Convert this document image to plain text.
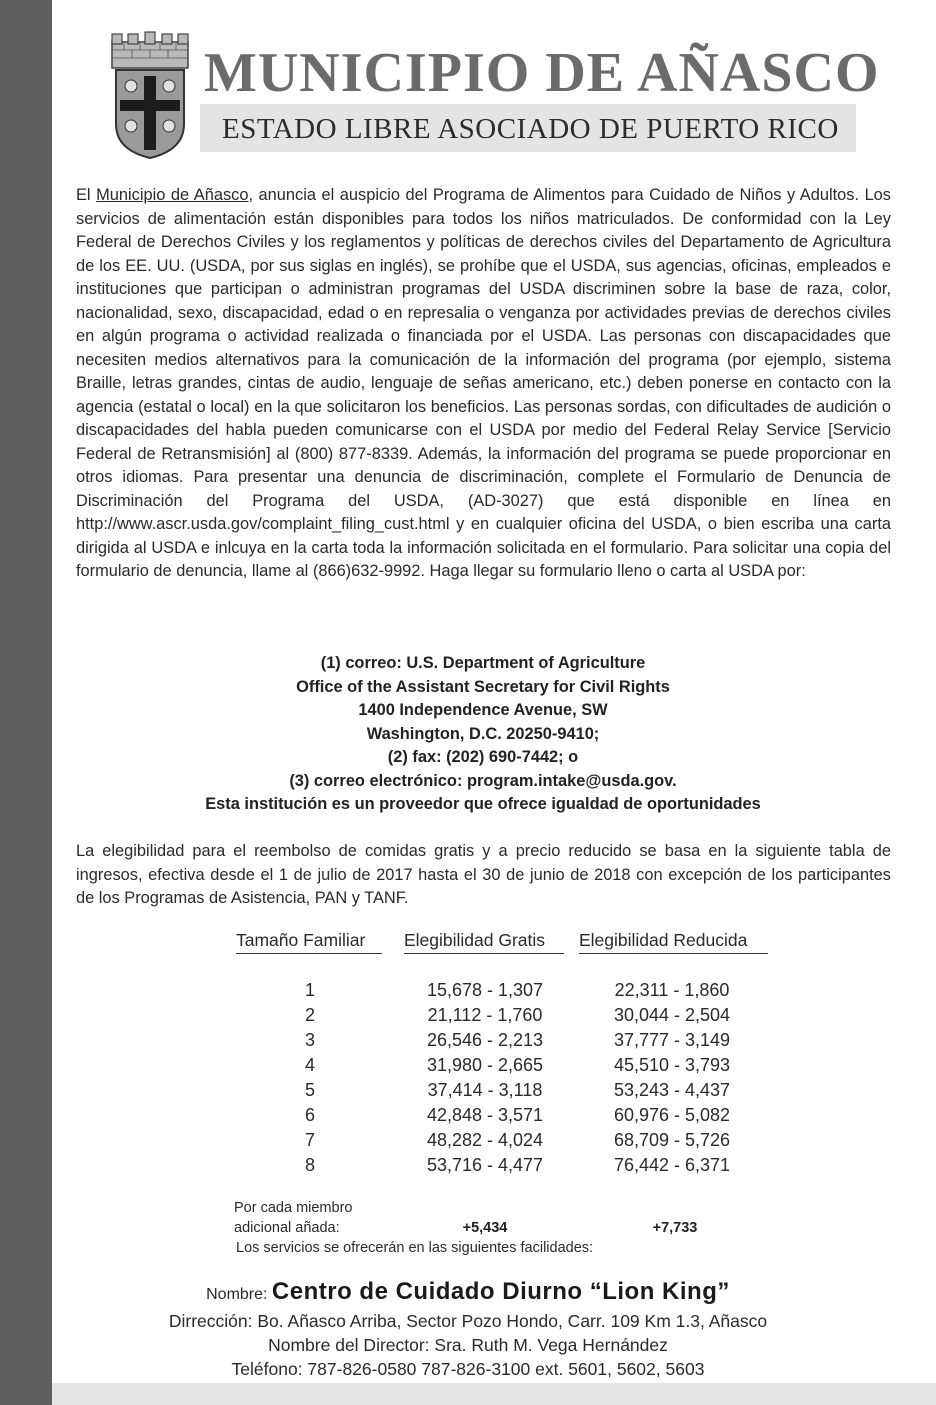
MUNICIPIO DE AÑASCO
ESTADO LIBRE ASOCIADO DE PUERTO RICO
El Municipio de Añasco, anuncia el auspicio del Programa de Alimentos para Cuidado de Niños y Adultos. Los servicios de alimentación están disponibles para todos los niños matriculados. De conformidad con la Ley Federal de Derechos Civiles y los reglamentos y políticas de derechos civiles del Departamento de Agricultura de los EE. UU. (USDA, por sus siglas en inglés), se prohíbe que el USDA, sus agencias, oficinas, empleados e instituciones que participan o administran programas del USDA discriminen sobre la base de raza, color, nacionalidad, sexo, discapacidad, edad o en represalia o venganza por actividades previas de derechos civiles en algún programa o actividad realizada o financiada por el USDA. Las personas con discapacidades que necesiten medios alternativos para la comunicación de la información del programa (por ejemplo, sistema Braille, letras grandes, cintas de audio, lenguaje de señas americano, etc.) deben ponerse en contacto con la agencia (estatal o local) en la que solicitaron los beneficios. Las personas sordas, con dificultades de audición o discapacidades del habla pueden comunicarse con el USDA por medio del Federal Relay Service [Servicio Federal de Retransmisión] al (800) 877-8339. Además, la información del programa se puede proporcionar en otros idiomas. Para presentar una denuncia de discriminación, complete el Formulario de Denuncia de Discriminación del Programa del USDA, (AD-3027) que está disponible en línea en http://www.ascr.usda.gov/complaint_filing_cust.html y en cualquier oficina del USDA, o bien escriba una carta dirigida al USDA e inlcuya en la carta toda la información solicitada en el formulario. Para solicitar una copia del formulario de denuncia, llame al (866)632-9992. Haga llegar su formulario lleno o carta al USDA por:
(1) correo: U.S. Department of Agriculture
Office of the Assistant Secretary for Civil Rights
1400 Independence Avenue, SW
Washington, D.C. 20250-9410;
(2) fax: (202) 690-7442; o
(3) correo electrónico: program.intake@usda.gov.
Esta institución es un proveedor que ofrece igualdad de oportunidades
La elegibilidad para el reembolso de comidas gratis y a precio reducido se basa en la siguiente tabla de ingresos, efectiva desde el 1 de julio de 2017 hasta el 30 de junio de 2018 con excepción de los participantes de los Programas de Asistencia, PAN y TANF.
Tamaño Familiar	Elegibilidad Gratis	Elegibilidad Reducida
1	15,678 - 1,307	22,311 - 1,860
2	21,112 - 1,760	30,044 - 2,504
3	26,546 - 2,213	37,777 - 3,149
4	31,980 - 2,665	45,510 - 3,793
5	37,414 - 3,118	53,243 - 4,437
6	42,848 - 3,571	60,976 - 5,082
7	48,282 - 4,024	68,709 - 5,726
8	53,716 - 4,477	76,442 - 6,371
Por cada miembro
adicional añada:	+5,434	+7,733
Los servicios se ofrecerán en las siguientes facilidades:
Nombre: Centro de Cuidado Diurno “Lion King”
Dirrección: Bo. Añasco Arriba, Sector Pozo Hondo, Carr. 109 Km 1.3, Añasco
Nombre del Director: Sra. Ruth M. Vega Hernández
Teléfono: 787-826-0580 787-826-3100 ext. 5601, 5602, 5603
